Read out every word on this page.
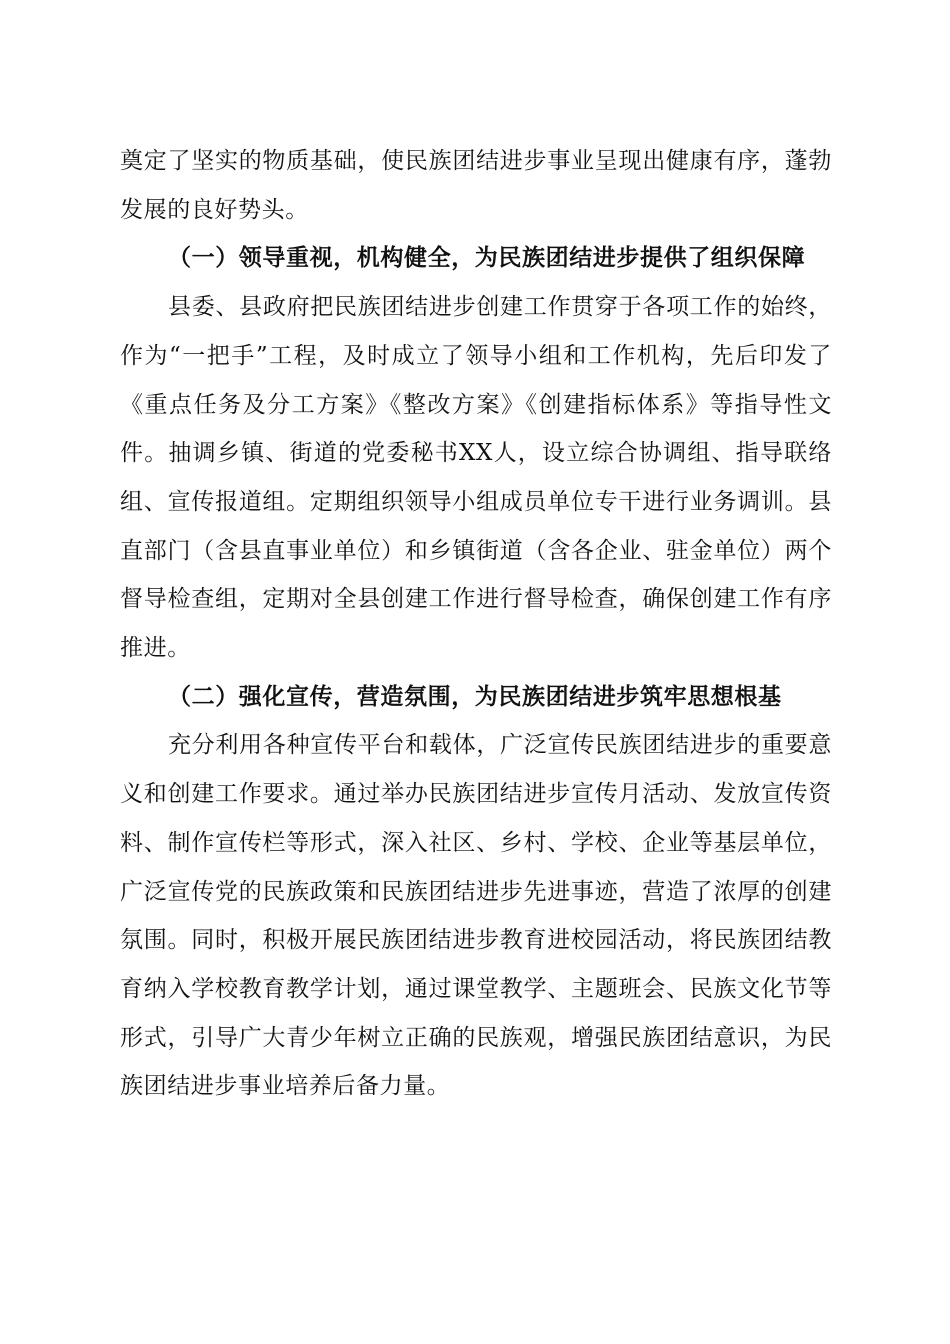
奠定了坚实的物质基础，使民族团结进步事业呈现出健康有序，蓬勃发展的良好势头。

（一）领导重视，机构健全，为民族团结进步提供了组织保障

县委、县政府把民族团结进步创建工作贯穿于各项工作的始终，作为“一把手”工程，及时成立了领导小组和工作机构，先后印发了《重点任务及分工方案》《整改方案》《创建指标体系》等指导性文件。抽调乡镇、街道的党委秘书XX人，设立综合协调组、指导联络组、宣传报道组。定期组织领导小组成员单位专干进行业务调训。县直部门（含县直事业单位）和乡镇街道（含各企业、驻金单位）两个督导检查组，定期对全县创建工作进行督导检查，确保创建工作有序推进。

（二）强化宣传，营造氛围，为民族团结进步筑牢思想根基

充分利用各种宣传平台和载体，广泛宣传民族团结进步的重要意义和创建工作要求。通过举办民族团结进步宣传月活动、发放宣传资料、制作宣传栏等形式，深入社区、乡村、学校、企业等基层单位，广泛宣传党的民族政策和民族团结进步先进事迹，营造了浓厚的创建氛围。同时，积极开展民族团结进步教育进校园活动，将民族团结教育纳入学校教育教学计划，通过课堂教学、主题班会、民族文化节等形式，引导广大青少年树立正确的民族观，增强民族团结意识，为民族团结进步事业培养后备力量。
